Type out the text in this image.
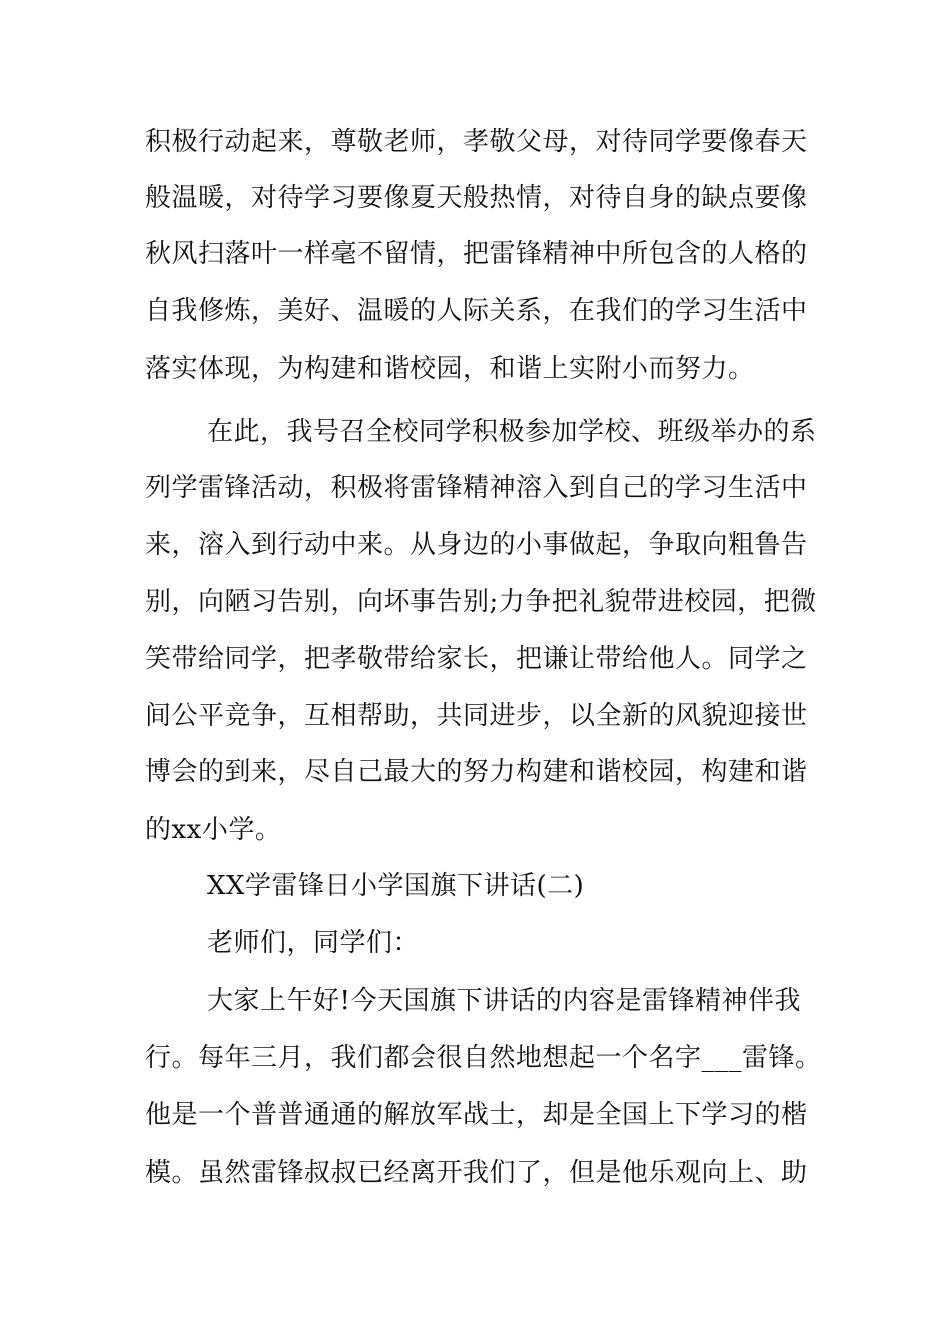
积极行动起来，尊敬老师，孝敬父母，对待同学要像春天
般温暖，对待学习要像夏天般热情，对待自身的缺点要像
秋风扫落叶一样毫不留情，把雷锋精神中所包含的人格的
自我修炼，美好、温暖的人际关系，在我们的学习生活中
落实体现，为构建和谐校园，和谐上实附小而努力。
在此，我号召全校同学积极参加学校、班级举办的系
列学雷锋活动，积极将雷锋精神溶入到自己的学习生活中
来，溶入到行动中来。从身边的小事做起，争取向粗鲁告
别，向陋习告别，向坏事告别;力争把礼貌带进校园，把微
笑带给同学，把孝敬带给家长，把谦让带给他人。同学之
间公平竞争，互相帮助，共同进步，以全新的风貌迎接世
博会的到来，尽自己最大的努力构建和谐校园，构建和谐
的xx小学。
XX学雷锋日小学国旗下讲话(二)
老师们，同学们：
大家上午好!今天国旗下讲话的内容是雷锋精神伴我
行。每年三月，我们都会很自然地想起一个名字___雷锋。
他是一个普普通通的解放军战士，却是全国上下学习的楷
模。虽然雷锋叔叔已经离开我们了，但是他乐观向上、助
